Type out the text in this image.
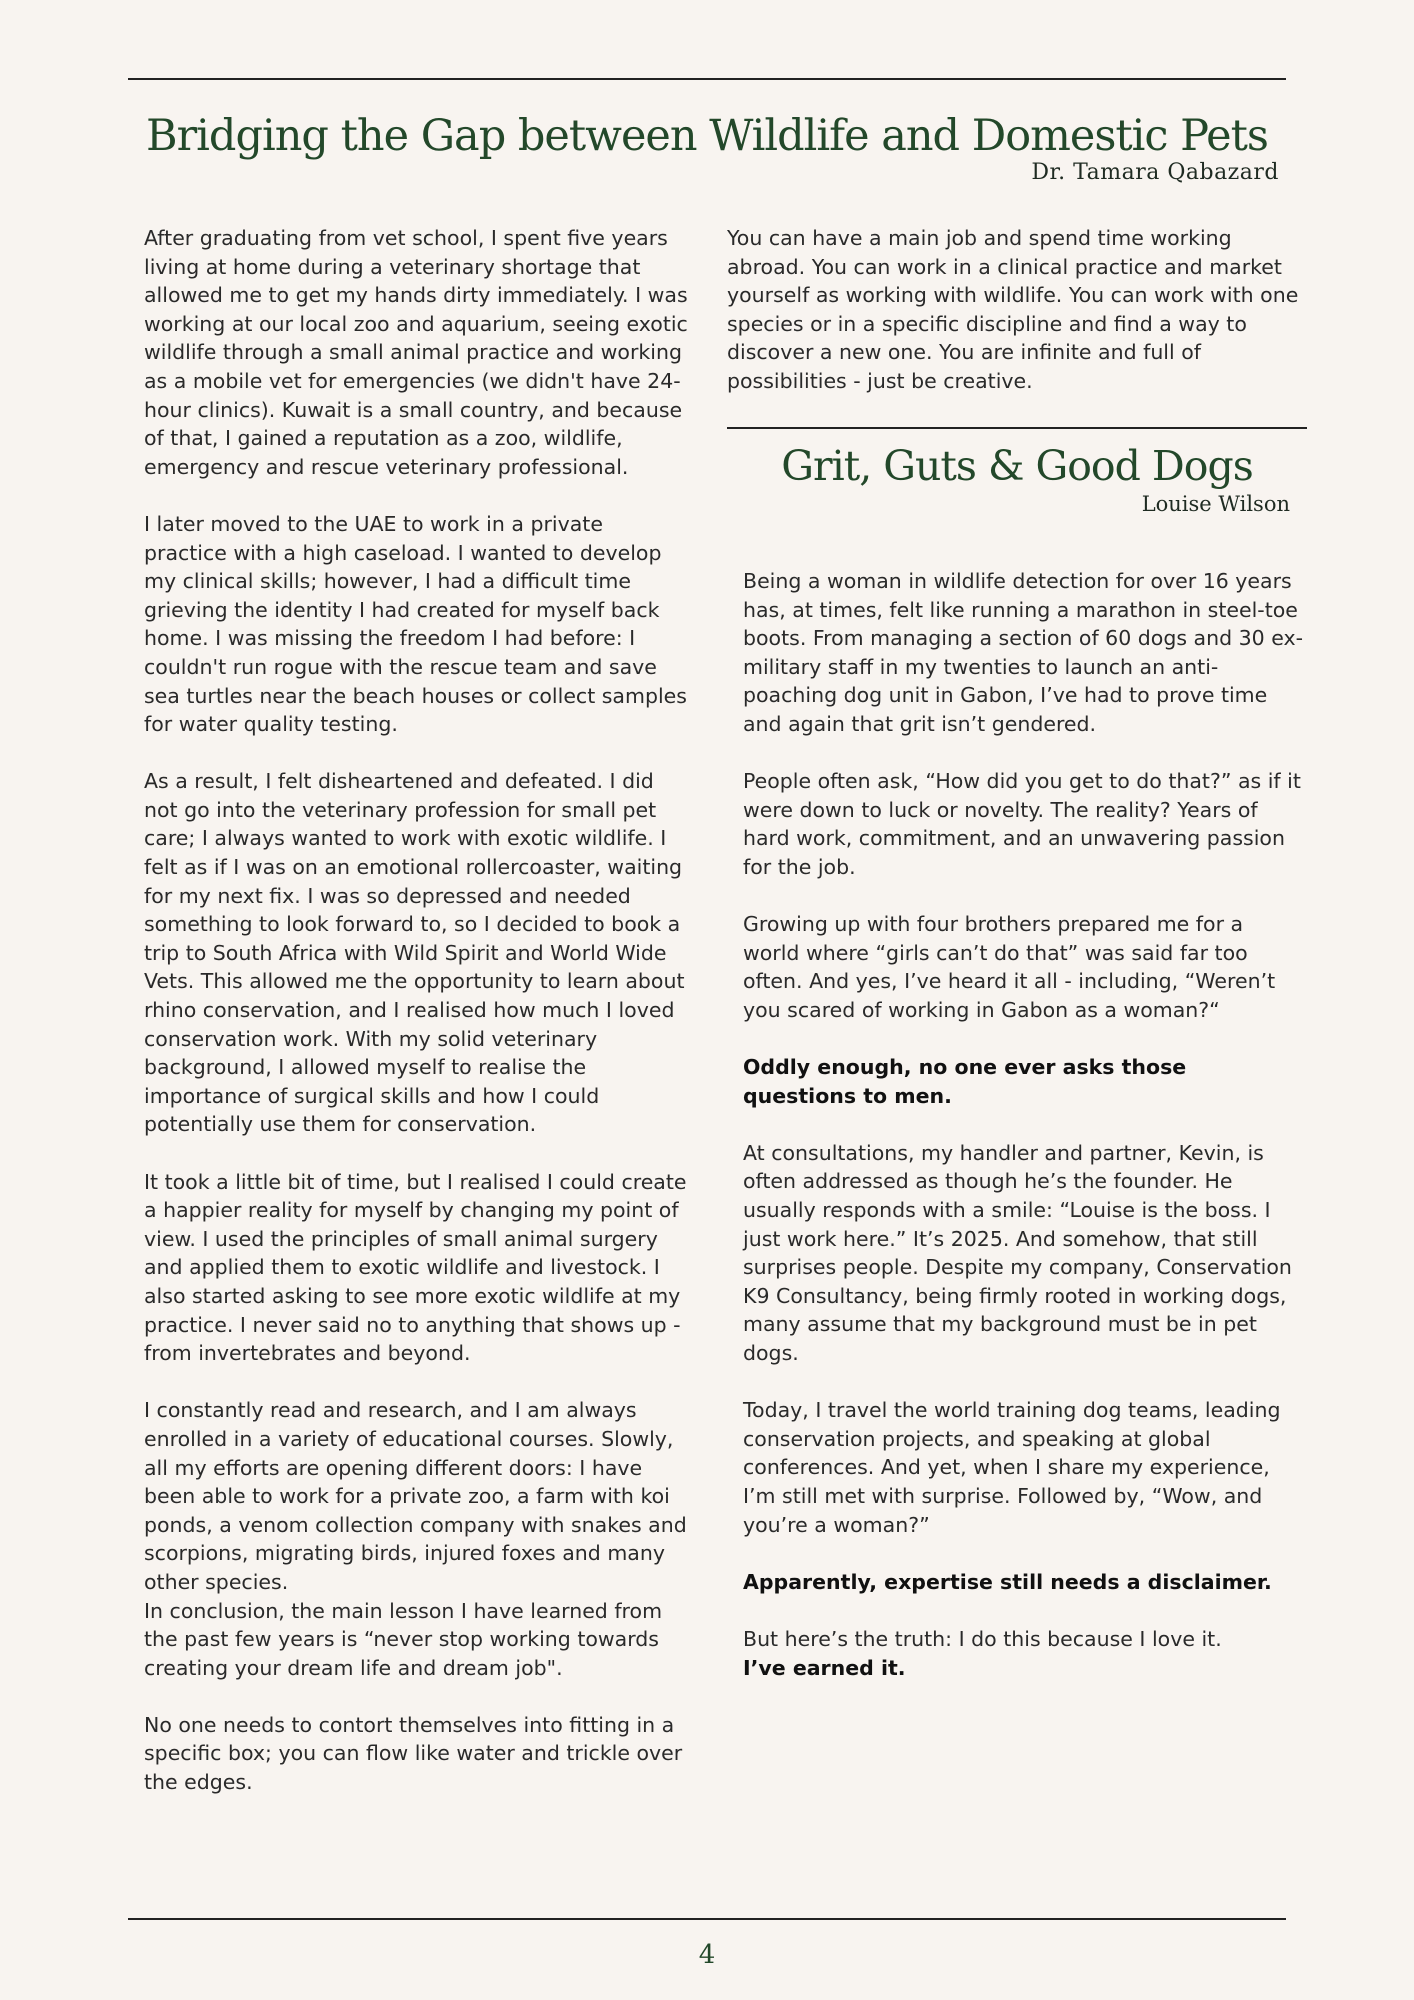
Bridging the Gap between Wildlife and Domestic Pets
Dr. Tamara Qabazard

After graduating from vet school, I spent five years living at home during a veterinary shortage that allowed me to get my hands dirty immediately. I was working at our local zoo and aquarium, seeing exotic wildlife through a small animal practice and working as a mobile vet for emergencies (we didn't have 24-hour clinics). Kuwait is a small country, and because of that, I gained a reputation as a zoo, wildlife, emergency and rescue veterinary professional.

I later moved to the UAE to work in a private practice with a high caseload. I wanted to develop my clinical skills; however, I had a difficult time grieving the identity I had created for myself back home. I was missing the freedom I had before: I couldn't run rogue with the rescue team and save sea turtles near the beach houses or collect samples for water quality testing.

As a result, I felt disheartened and defeated. I did not go into the veterinary profession for small pet care; I always wanted to work with exotic wildlife. I felt as if I was on an emotional rollercoaster, waiting for my next fix. I was so depressed and needed something to look forward to, so I decided to book a trip to South Africa with Wild Spirit and World Wide Vets. This allowed me the opportunity to learn about rhino conservation, and I realised how much I loved conservation work. With my solid veterinary background, I allowed myself to realise the importance of surgical skills and how I could potentially use them for conservation.

It took a little bit of time, but I realised I could create a happier reality for myself by changing my point of view. I used the principles of small animal surgery and applied them to exotic wildlife and livestock. I also started asking to see more exotic wildlife at my practice. I never said no to anything that shows up - from invertebrates and beyond.

I constantly read and research, and I am always enrolled in a variety of educational courses. Slowly, all my efforts are opening different doors: I have been able to work for a private zoo, a farm with koi ponds, a venom collection company with snakes and scorpions, migrating birds, injured foxes and many other species.

In conclusion, the main lesson I have learned from the past few years is “never stop working towards creating your dream life and dream job".

No one needs to contort themselves into fitting in a specific box; you can flow like water and trickle over the edges.

You can have a main job and spend time working abroad. You can work in a clinical practice and market yourself as working with wildlife. You can work with one species or in a specific discipline and find a way to discover a new one. You are infinite and full of possibilities - just be creative.

Grit, Guts & Good Dogs
Louise Wilson

Being a woman in wildlife detection for over 16 years has, at times, felt like running a marathon in steel-toe boots. From managing a section of 60 dogs and 30 ex-military staff in my twenties to launch an anti-poaching dog unit in Gabon, I’ve had to prove time and again that grit isn’t gendered.

People often ask, “How did you get to do that?” as if it were down to luck or novelty. The reality? Years of hard work, commitment, and an unwavering passion for the job.

Growing up with four brothers prepared me for a world where “girls can’t do that” was said far too often. And yes, I’ve heard it all - including, “Weren’t you scared of working in Gabon as a woman?“

Oddly enough, no one ever asks those questions to men.

At consultations, my handler and partner, Kevin, is often addressed as though he’s the founder. He usually responds with a smile: “Louise is the boss. I just work here.” It’s 2025. And somehow, that still surprises people. Despite my company, Conservation K9 Consultancy, being firmly rooted in working dogs, many assume that my background must be in pet dogs.

Today, I travel the world training dog teams, leading conservation projects, and speaking at global conferences. And yet, when I share my experience, I’m still met with surprise. Followed by, “Wow, and you’re a woman?”

Apparently, expertise still needs a disclaimer.

But here’s the truth: I do this because I love it.

I’ve earned it.

4
